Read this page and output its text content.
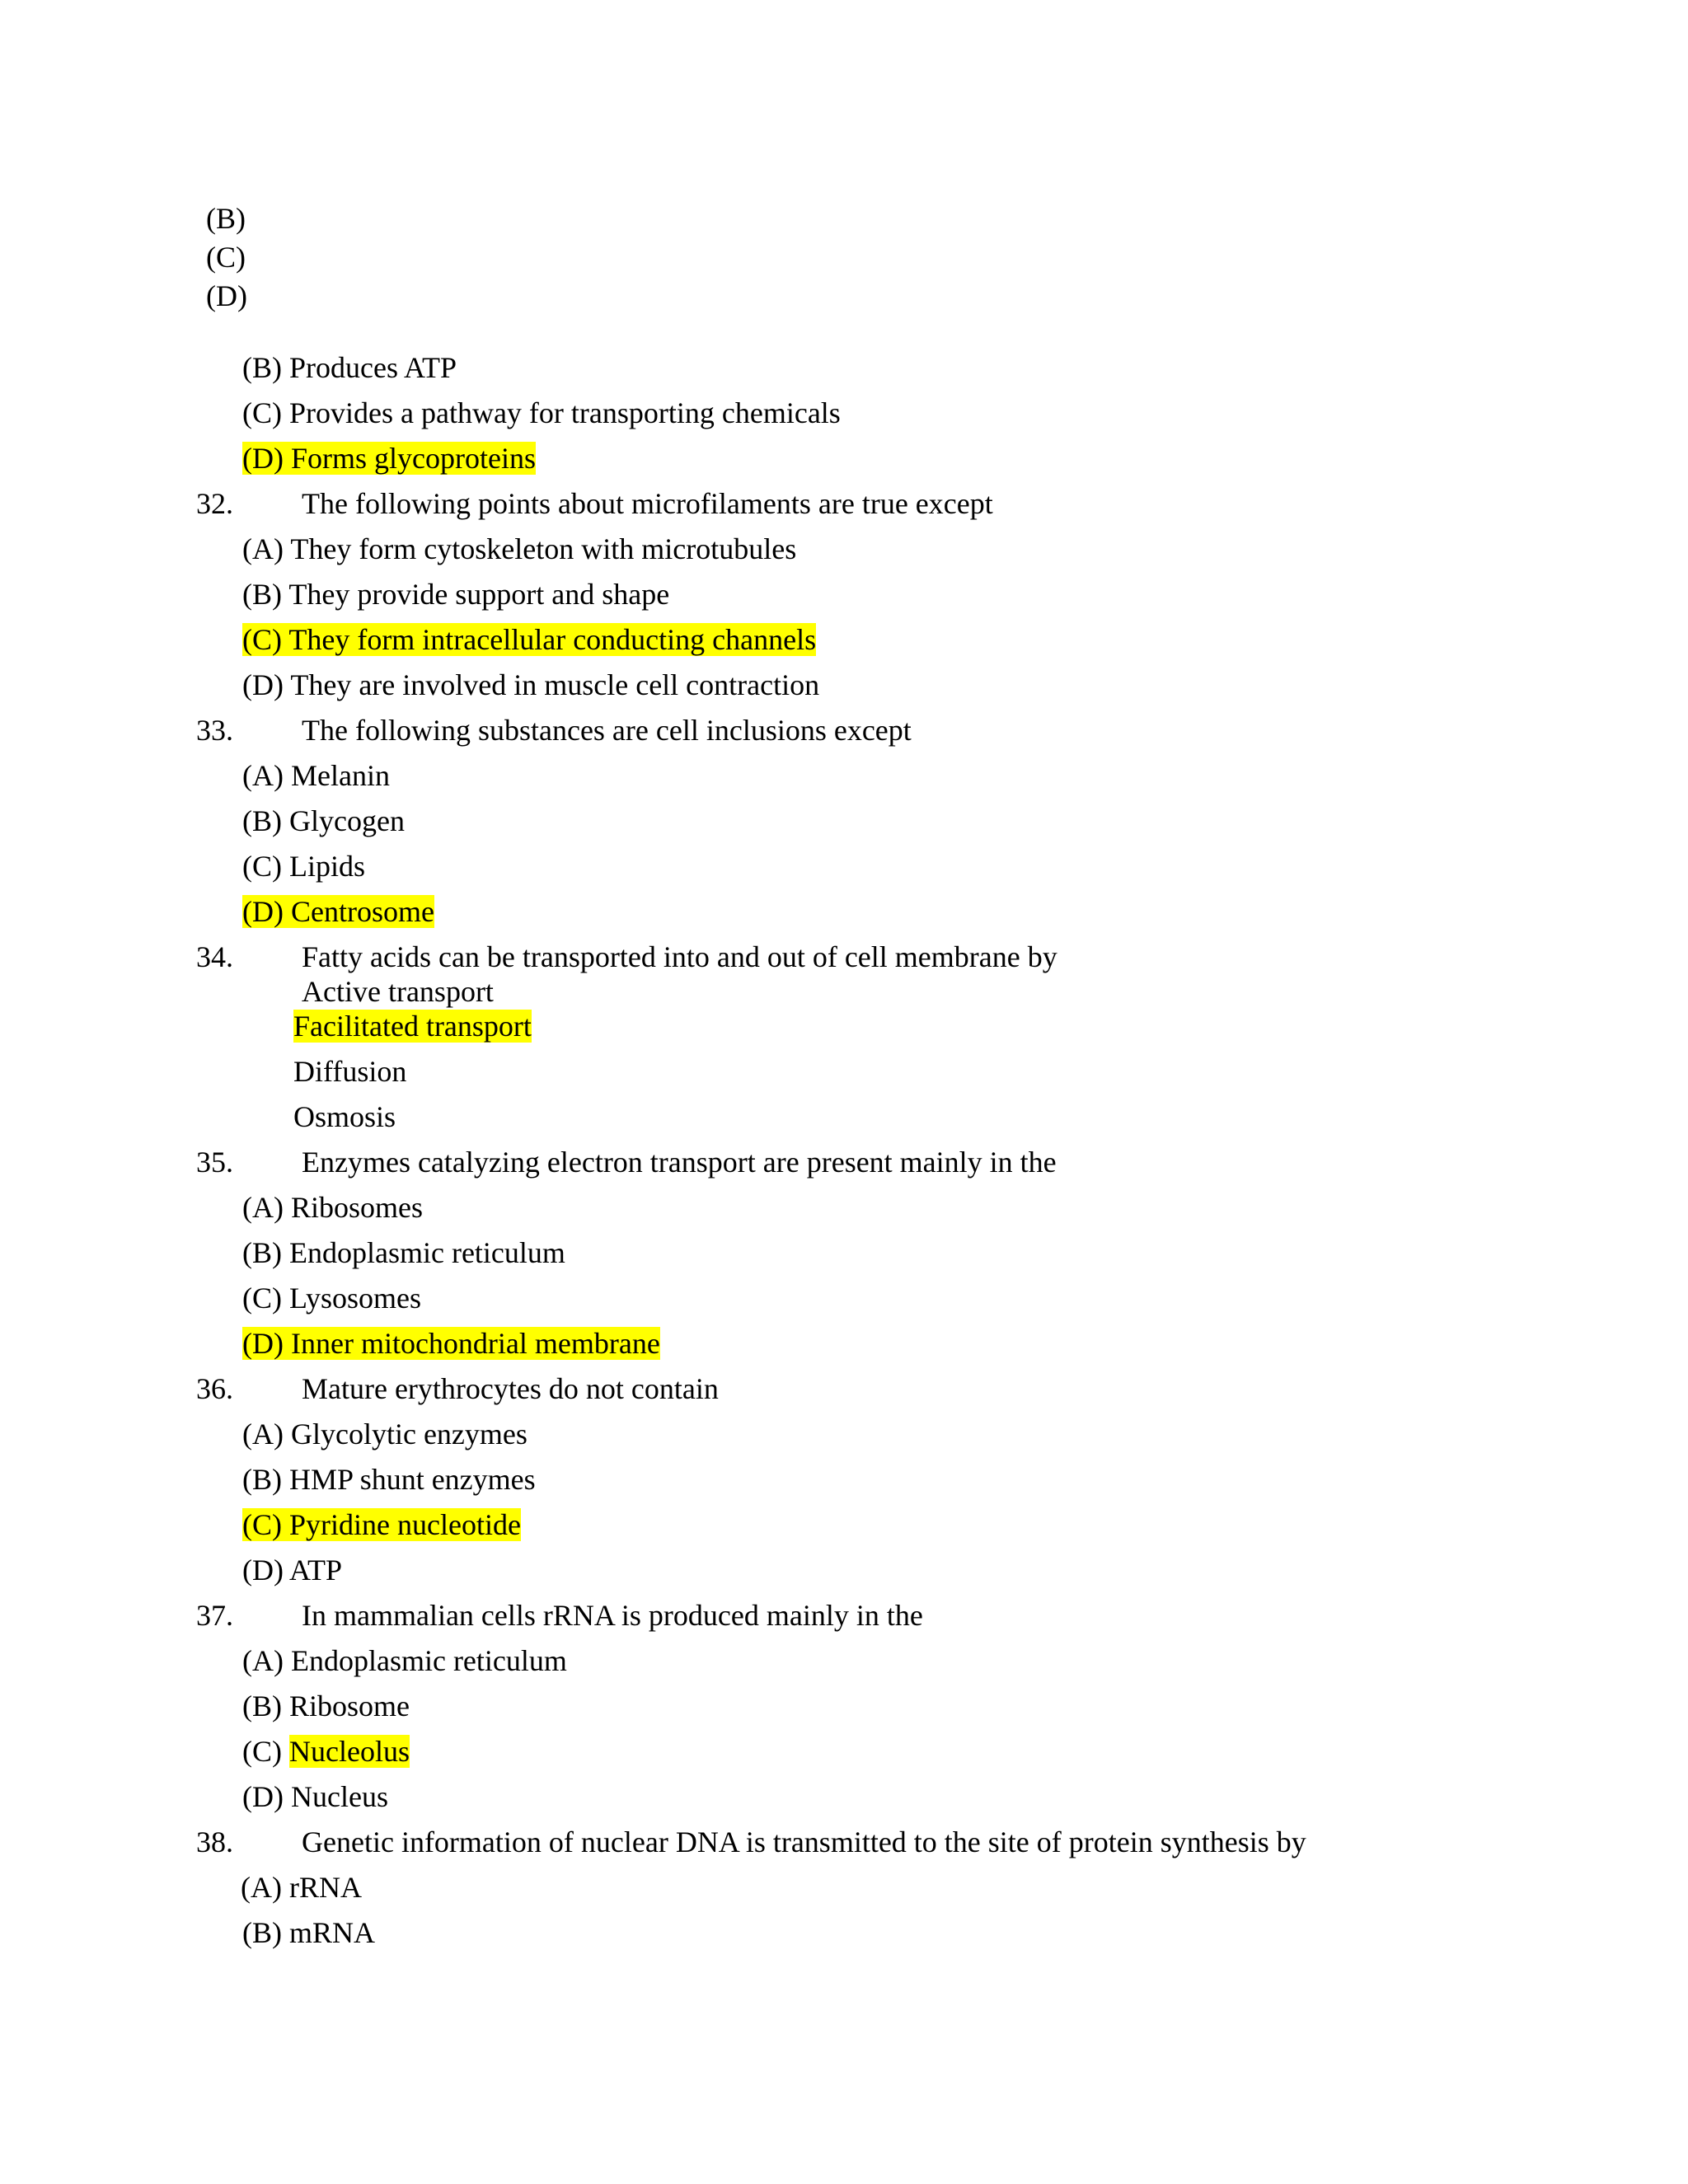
(B)
(C)
(D)
(B) Produces ATP
(C) Provides a pathway for transporting chemicals
(D) Forms glycoproteins
32. The following points about microfilaments are true except
(A) They form cytoskeleton with microtubules
(B) They provide support and shape
(C) They form intracellular conducting channels
(D) They are involved in muscle cell contraction
33. The following substances are cell inclusions except
(A) Melanin
(B) Glycogen
(C) Lipids
(D) Centrosome
34. Fatty acids can be transported into and out of cell membrane by
Active transport
Facilitated transport
Diffusion
Osmosis
35. Enzymes catalyzing electron transport are present mainly in the
(A) Ribosomes
(B) Endoplasmic reticulum
(C) Lysosomes
(D) Inner mitochondrial membrane
36. Mature erythrocytes do not contain
(A) Glycolytic enzymes
(B) HMP shunt enzymes
(C) Pyridine nucleotide
(D) ATP
37. In mammalian cells rRNA is produced mainly in the
(A) Endoplasmic reticulum
(B) Ribosome
(C) Nucleolus
(D) Nucleus
38. Genetic information of nuclear DNA is transmitted to the site of protein synthesis by
(A) rRNA
(B) mRNA
